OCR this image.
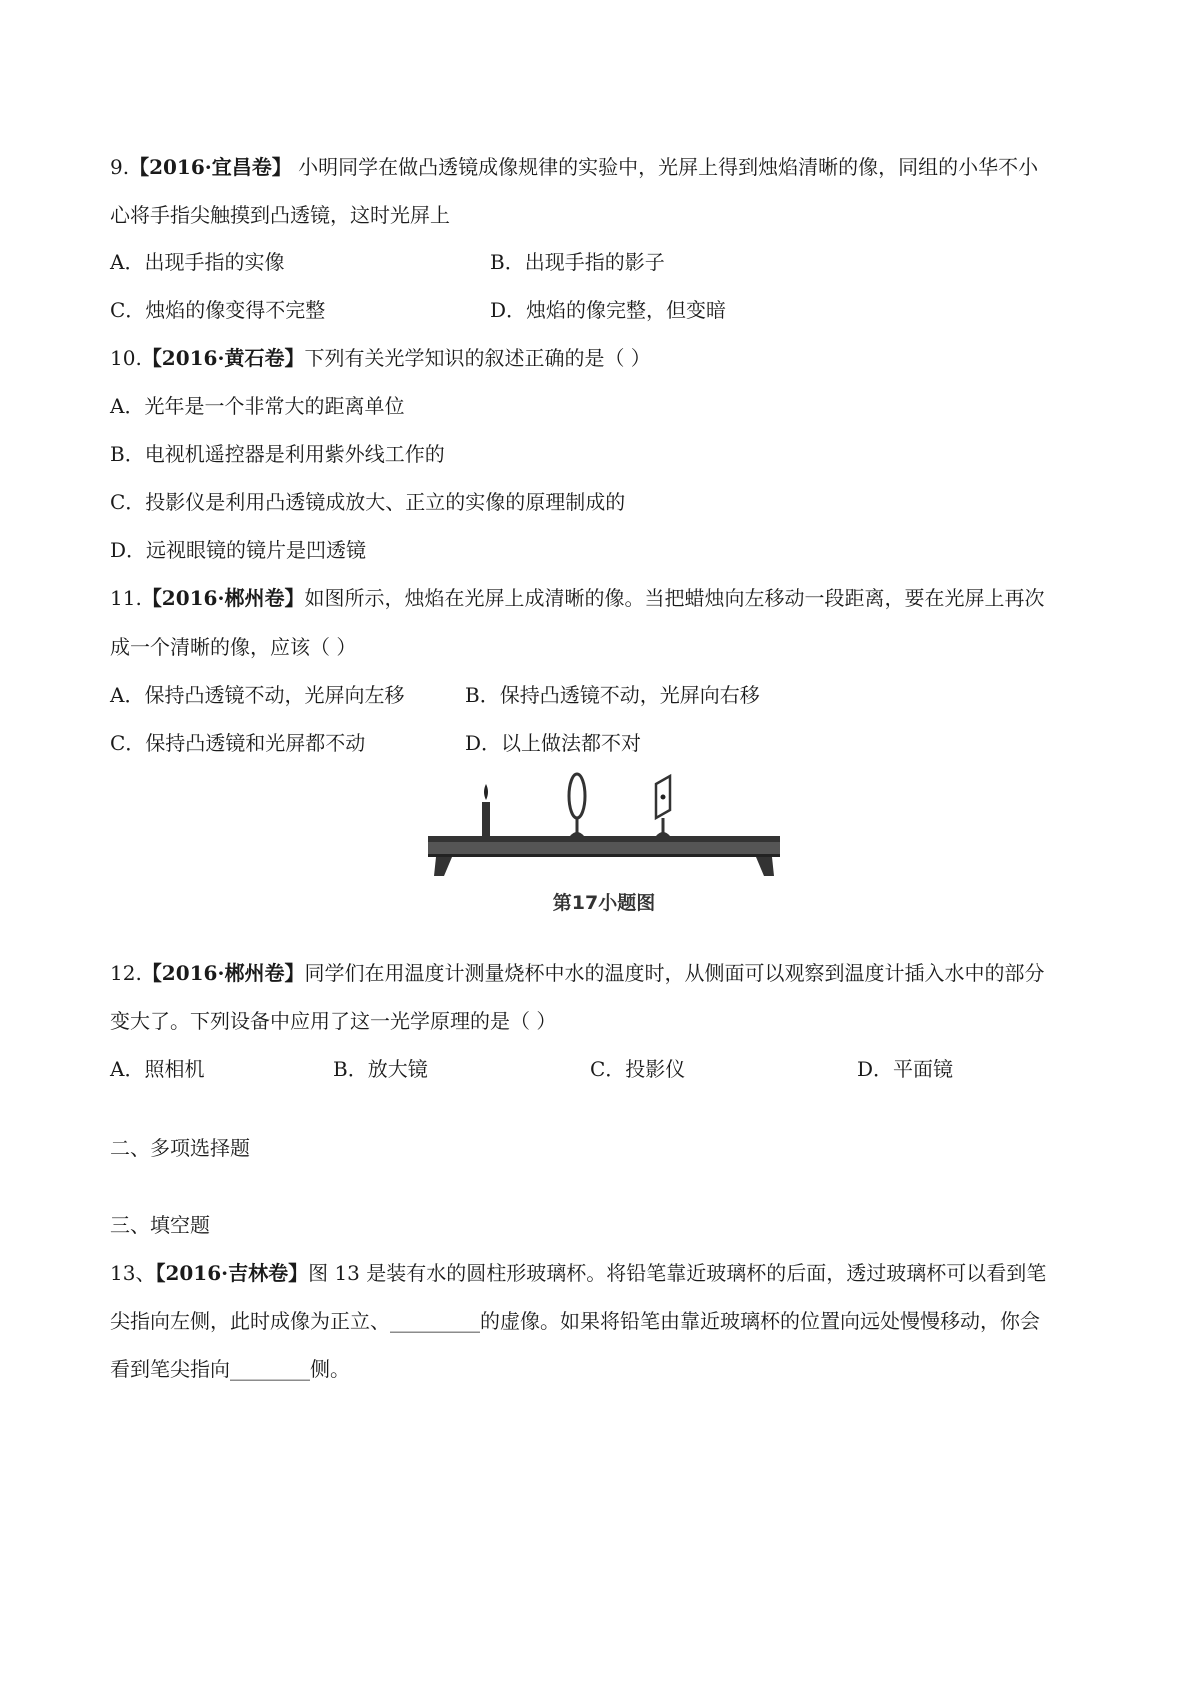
9.【2016·宜昌卷】 小明同学在做凸透镜成像规律的实验中，光屏上得到烛焰清晰的像，同组的小华不小
心将手指尖触摸到凸透镜，这时光屏上
A．出现手指的实像	B．出现手指的影子
C．烛焰的像变得不完整	D．烛焰的像完整，但变暗
10.【2016·黄石卷】下列有关光学知识的叙述正确的是（ ）
A．光年是一个非常大的距离单位
B．电视机遥控器是利用紫外线工作的
C．投影仪是利用凸透镜成放大、正立的实像的原理制成的
D．远视眼镜的镜片是凹透镜
11.【2016·郴州卷】如图所示，烛焰在光屏上成清晰的像。当把蜡烛向左移动一段距离，要在光屏上再次
成一个清晰的像，应该（ ）
A．保持凸透镜不动，光屏向左移	B．保持凸透镜不动，光屏向右移
C．保持凸透镜和光屏都不动	D．以上做法都不对
第17小题图
12.【2016·郴州卷】同学们在用温度计测量烧杯中水的温度时，从侧面可以观察到温度计插入水中的部分
变大了。下列设备中应用了这一光学原理的是（ ）
A．照相机	B．放大镜	C．投影仪	D．平面镜
二、多项选择题
三、填空题
13、【2016·吉林卷】图 13 是装有水的圆柱形玻璃杯。将铅笔靠近玻璃杯的后面，透过玻璃杯可以看到笔
尖指向左侧，此时成像为正立、_________的虚像。如果将铅笔由靠近玻璃杯的位置向远处慢慢移动，你会
看到笔尖指向________侧。
